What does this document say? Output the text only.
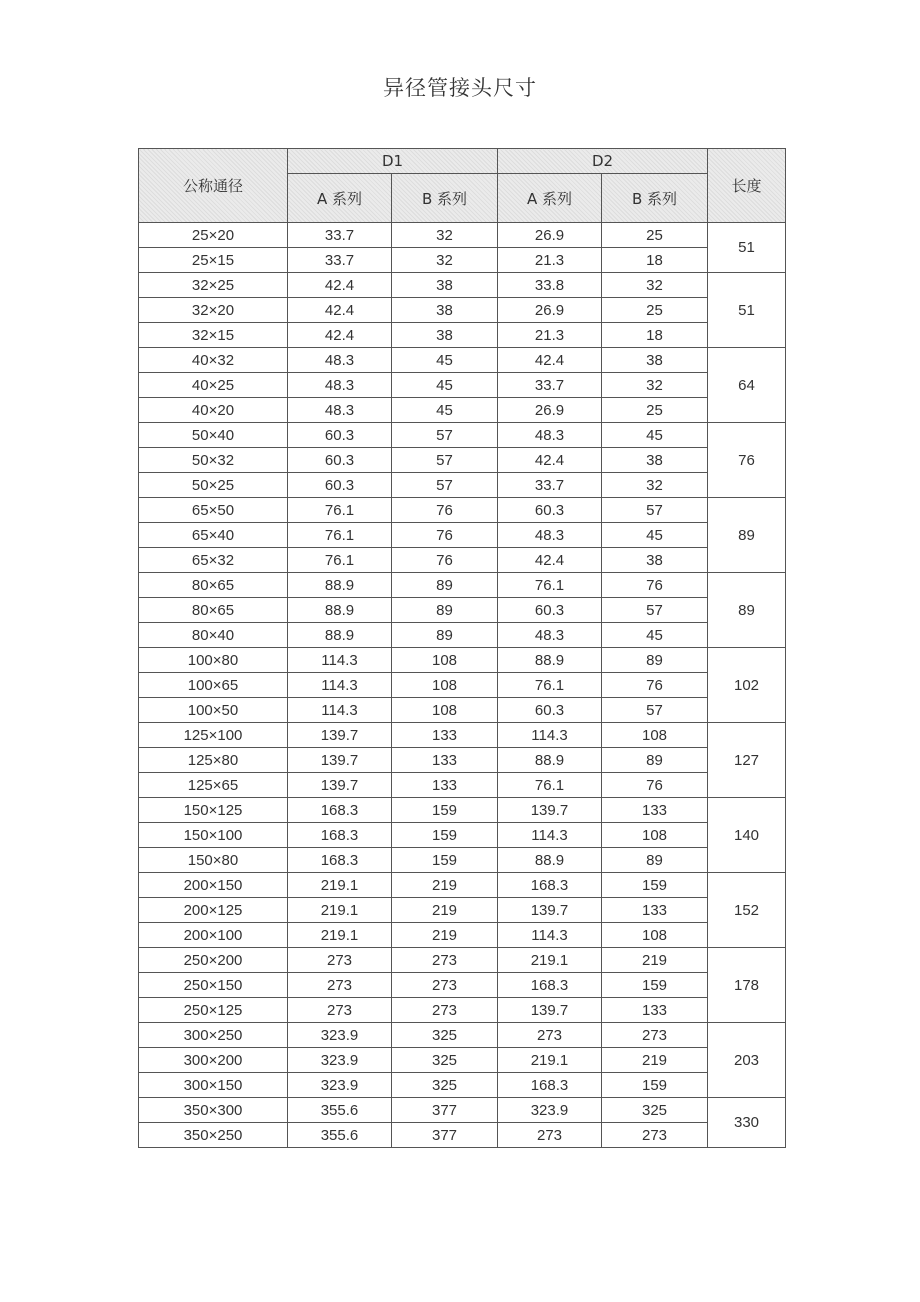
异径管接头尺寸
公称通径	D1		D2		长度
	A 系列	B 系列	A 系列	B 系列	
25×20	33.7	32	26.9	25	51
25×15	33.7	32	21.3	18	
32×25	42.4	38	33.8	32	51
32×20	42.4	38	26.9	25	
32×15	42.4	38	21.3	18	
40×32	48.3	45	42.4	38	64
40×25	48.3	45	33.7	32	
40×20	48.3	45	26.9	25	
50×40	60.3	57	48.3	45	76
50×32	60.3	57	42.4	38	
50×25	60.3	57	33.7	32	
65×50	76.1	76	60.3	57	89
65×40	76.1	76	48.3	45	
65×32	76.1	76	42.4	38	
80×65	88.9	89	76.1	76	89
80×65	88.9	89	60.3	57	
80×40	88.9	89	48.3	45	
100×80	114.3	108	88.9	89	102
100×65	114.3	108	76.1	76	
100×50	114.3	108	60.3	57	
125×100	139.7	133	114.3	108	127
125×80	139.7	133	88.9	89	
125×65	139.7	133	76.1	76	
150×125	168.3	159	139.7	133	140
150×100	168.3	159	114.3	108	
150×80	168.3	159	88.9	89	
200×150	219.1	219	168.3	159	152
200×125	219.1	219	139.7	133	
200×100	219.1	219	114.3	108	
250×200	273	273	219.1	219	178
250×150	273	273	168.3	159	
250×125	273	273	139.7	133	
300×250	323.9	325	273	273	203
300×200	323.9	325	219.1	219	
300×150	323.9	325	168.3	159	
350×300	355.6	377	323.9	325	330
350×250	355.6	377	273	273	
